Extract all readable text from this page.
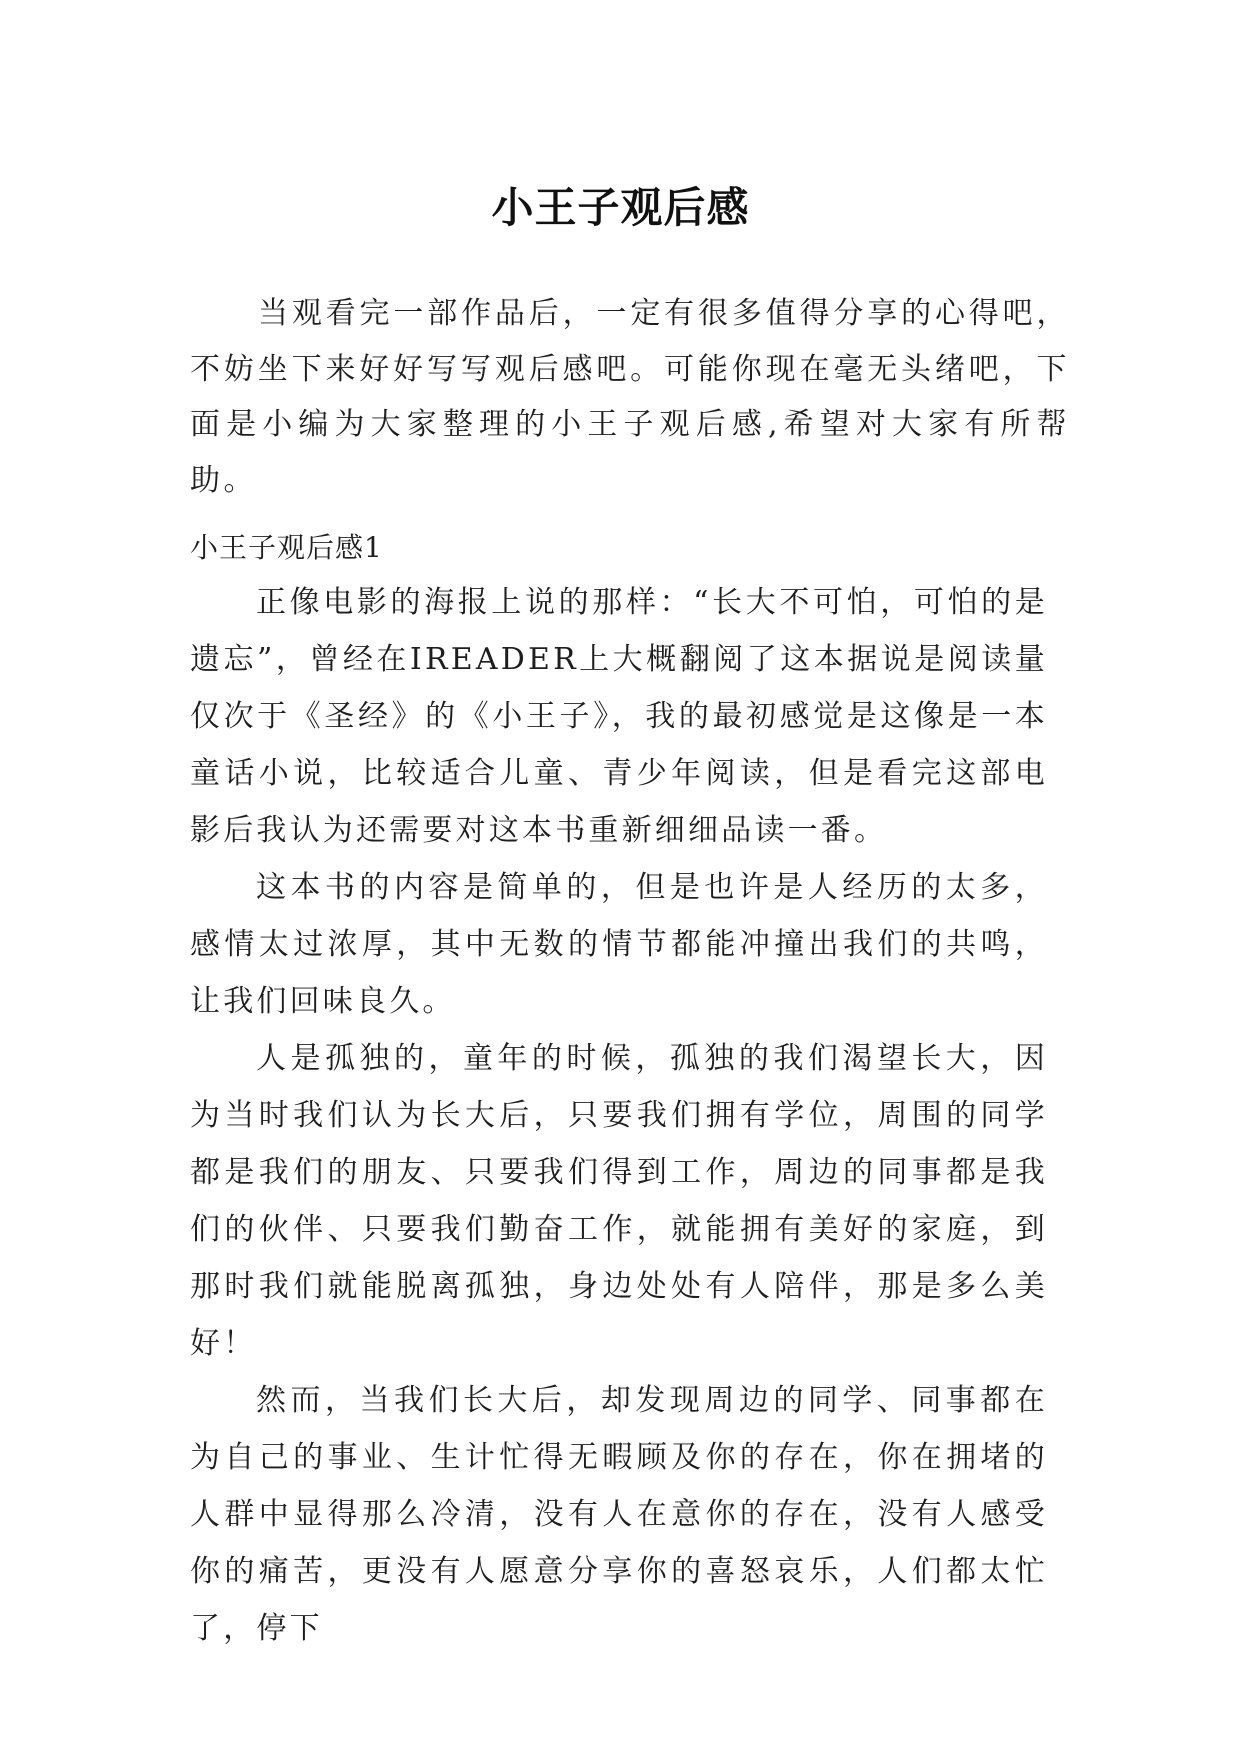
小王子观后感

当观看完一部作品后，一定有很多值得分享的心得吧，不妨坐下来好好写写观后感吧。可能你现在毫无头绪吧，下面是小编为大家整理的小王子观后感,希望对大家有所帮助。

小王子观后感1

正像电影的海报上说的那样：“长大不可怕，可怕的是遗忘”，曾经在IREADER上大概翻阅了这本据说是阅读量仅次于《圣经》的《小王子》，我的最初感觉是这像是一本童话小说，比较适合儿童、青少年阅读，但是看完这部电影后我认为还需要对这本书重新细细品读一番。

这本书的内容是简单的，但是也许是人经历的太多，感情太过浓厚，其中无数的情节都能冲撞出我们的共鸣，让我们回味良久。

人是孤独的，童年的时候，孤独的我们渴望长大，因为当时我们认为长大后，只要我们拥有学位，周围的同学都是我们的朋友、只要我们得到工作，周边的同事都是我们的伙伴、只要我们勤奋工作，就能拥有美好的家庭，到那时我们就能脱离孤独，身边处处有人陪伴，那是多么美好！

然而，当我们长大后，却发现周边的同学、同事都在为自己的事业、生计忙得无暇顾及你的存在，你在拥堵的人群中显得那么冷清，没有人在意你的存在，没有人感受你的痛苦，更没有人愿意分享你的喜怒哀乐，人们都太忙了，停下
